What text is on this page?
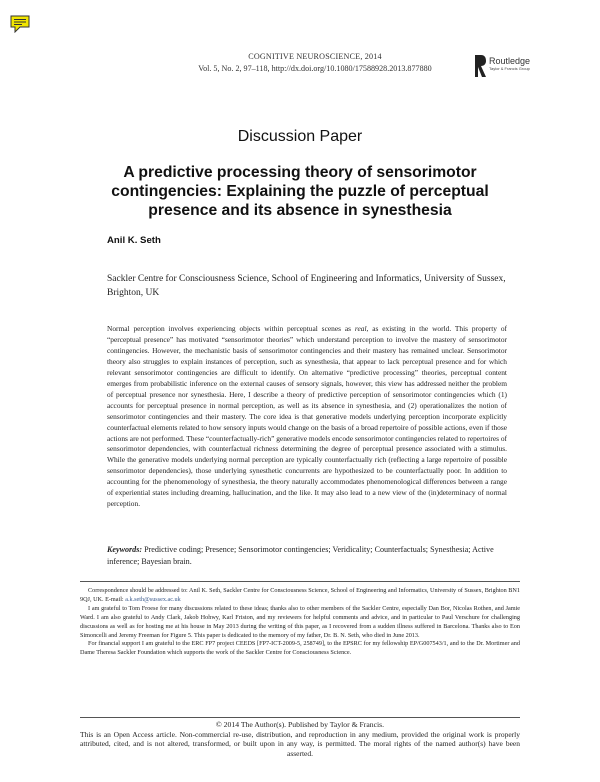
COGNITIVE NEUROSCIENCE, 2014
Vol. 5, No. 2, 97–118, http://dx.doi.org/10.1080/17588928.2013.877880
Routledge
Taylor & Francis Group
Discussion Paper
A predictive processing theory of sensorimotor contingencies: Explaining the puzzle of perceptual presence and its absence in synesthesia
Anil K. Seth
Sackler Centre for Consciousness Science, School of Engineering and Informatics, University of Sussex, Brighton, UK

Normal perception involves experiencing objects within perceptual scenes as real, as existing in the world. This property of “perceptual presence” has motivated “sensorimotor theories” which understand perception to involve the mastery of sensorimotor contingencies. However, the mechanistic basis of sensorimotor contingencies and their mastery has remained unclear. Sensorimotor theory also struggles to explain instances of perception, such as synesthesia, that appear to lack perceptual presence and for which relevant sensorimotor contingencies are difficult to identify. On alternative “predictive processing” theories, perceptual content emerges from probabilistic inference on the external causes of sensory signals, however, this view has addressed neither the problem of perceptual presence nor synesthesia. Here, I describe a theory of predictive perception of sensorimotor contingencies which (1) accounts for perceptual presence in normal perception, as well as its absence in synesthesia, and (2) operationalizes the notion of sensorimotor contingencies and their mastery. The core idea is that generative models underlying perception incorporate explicitly counterfactual elements related to how sensory inputs would change on the basis of a broad repertoire of possible actions, even if those actions are not performed. These “counterfactually-rich” generative models encode sensorimotor contingencies related to repertoires of sensorimotor dependencies, with counterfactual richness determining the degree of perceptual presence associated with a stimulus. While the generative models underlying normal perception are typically counterfactually rich (reflecting a large repertoire of possible sensorimotor dependencies), those underlying synesthetic concurrents are hypothesized to be counterfactually poor. In addition to accounting for the phenomenology of synesthesia, the theory naturally accommodates phenomenological differences between a range of experiential states including dreaming, hallucination, and the like. It may also lead to a new view of the (in)determinacy of normal perception.

Keywords: Predictive coding; Presence; Sensorimotor contingencies; Veridicality; Counterfactuals; Synesthesia; Active inference; Bayesian brain.

Correspondence should be addressed to: Anil K. Seth, Sackler Centre for Consciousness Science, School of Engineering and Informatics, University of Sussex, Brighton BN1 9QJ, UK. E-mail: a.k.seth@sussex.ac.uk

I am grateful to Tom Froese for many discussions related to these ideas; thanks also to other members of the Sackler Centre, especially Dan Bor, Nicolas Rothen, and Jamie Ward. I am also grateful to Andy Clark, Jakob Hohwy, Karl Friston, and my reviewers for helpful comments and advice, and in particular to Paul Verschure for challenging discussions as well as for hosting me at his house in May 2013 during the writing of this paper, as I recovered from a sudden illness suffered in Barcelona. Thanks also to Eon Simoncelli and Jeremy Freeman for Figure 5. This paper is dedicated to the memory of my father, Dr. B. N. Seth, who died in June 2013.

For financial support I am grateful to the ERC FP7 project CEEDS [FP7-ICT-2009-5, 258749], to the EPSRC for my fellowship EP/G007543/1, and to the Dr. Mortimer and Dame Theresa Sackler Foundation which supports the work of the Sackler Centre for Consciousness Science.

© 2014 The Author(s). Published by Taylor & Francis.
This is an Open Access article. Non-commercial re-use, distribution, and reproduction in any medium, provided the original work is properly attributed, cited, and is not altered, transformed, or built upon in any way, is permitted. The moral rights of the named author(s) have been asserted.
